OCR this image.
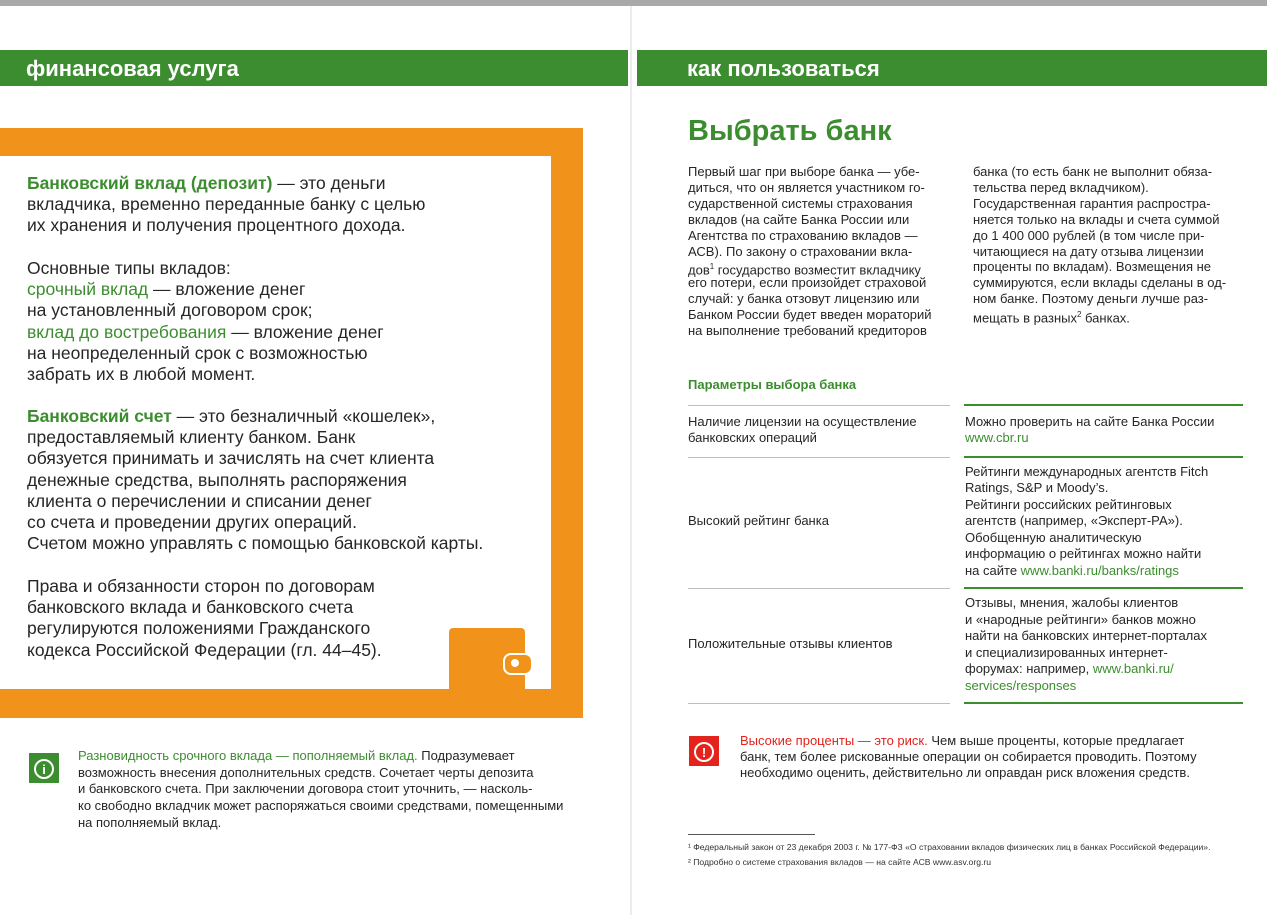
финансовая услуга
Банковский вклад (депозит) — это деньги
вкладчика, временно переданные банку с целью
их хранения и получения процентного дохода.
Основные типы вкладов:
срочный вклад — вложение денег
на установленный договором срок;
вклад до востребования — вложение денег
на неопределенный срок с возможностью
забрать их в любой момент.
Банковский счет — это безналичный «кошелек»,
предоставляемый клиенту банком. Банк
обязуется принимать и зачислять на счет клиента
денежные средства, выполнять распоряжения
клиента о перечислении и списании денег
со счета и проведении других операций.
Счетом можно управлять с помощью банковской карты.
Права и обязанности сторон по договорам
банковского вклада и банковского счета
регулируются положениями Гражданского
кодекса Российской Федерации (гл. 44–45).
i
Разновидность срочного вклада — пополняемый вклад. Подразумевает
возможность внесения дополнительных средств. Сочетает черты депозита
и банковского счета. При заключении договора стоит уточнить, — насколь-
ко свободно вкладчик может распоряжаться своими средствами, помещенными
на пополняемый вклад.
как пользоваться
Выбрать банк
Первый шаг при выборе банка — убе-
диться, что он является участником го-
сударственной системы страхования
вкладов (на сайте Банка России или
Агентства по страхованию вкладов —
АСВ). По закону о страховании вкла-
дов$^1$ государство возместит вкладчику
его потери, если произойдет страховой
случай: у банка отзовут лицензию или
Банком России будет введен мораторий
на выполнение требований кредиторов
банка (то есть банк не выполнит обяза-
тельства перед вкладчиком).
Государственная гарантия распростра-
няется только на вклады и счета суммой
до 1 400 000 рублей (в том числе при-
читающиеся на дату отзыва лицензии
проценты по вкладам). Возмещения не
суммируются, если вклады сделаны в од-
ном банке. Поэтому деньги лучше раз-
мещать в разных$^2$ банках.
Параметры выбора банка
Наличие лицензии на осуществление
банковских операций
Можно проверить на сайте Банка России
www.cbr.ru
Высокий рейтинг банка
Рейтинги международных агентств Fitch
Ratings, S&P и Moody’s.
Рейтинги российских рейтинговых
агентств (например, «Эксперт-РА»).
Обобщенную аналитическую
информацию о рейтингах можно найти
на сайте www.banki.ru/banks/ratings
Положительные отзывы клиентов
Отзывы, мнения, жалобы клиентов
и «народные рейтинги» банков можно
найти на банковских интернет-порталах
и специализированных интернет-
форумах: например, www.banki.ru/
services/responses
!
Высокие проценты — это риск. Чем выше проценты, которые предлагает
банк, тем более рискованные операции он собирается проводить. Поэтому
необходимо оценить, действительно ли оправдан риск вложения средств.
¹ Федеральный закон от 23 декабря 2003 г. № 177-ФЗ «О страховании вкладов физических лиц в банках Российской Федерации».
² Подробно о системе страхования вкладов — на сайте АСВ www.asv.org.ru
